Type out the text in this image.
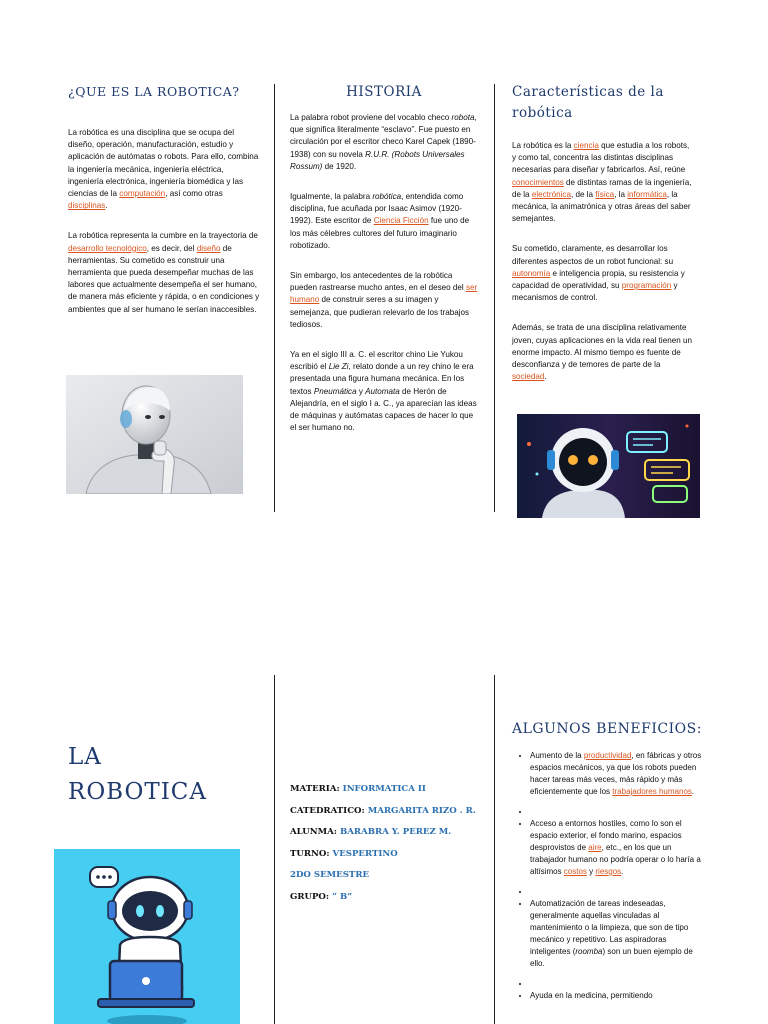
¿QUE ES LA ROBOTICA?

La robótica es una disciplina que se ocupa del diseño, operación, manufacturación, estudio y aplicación de autómatas o robots. Para ello, combina la ingeniería mecánica, ingeniería eléctrica, ingeniería electrónica, ingeniería biomédica y las ciencias de la computación, así como otras disciplinas.

La robótica representa la cumbre en la trayectoria de desarrollo tecnológico, es decir, del diseño de herramientas. Su cometido es construir una herramienta que pueda desempeñar muchas de las labores que actualmente desempeña el ser humano, de manera más eficiente y rápida, o en condiciones y ambientes que al ser humano le serían inaccesibles.

HISTORIA

La palabra robot proviene del vocablo checo robota, que significa literalmente “esclavo”. Fue puesto en circulación por el escritor checo Karel Capek (1890-1938) con su novela R.U.R. (Robots Universales Rossum) de 1920.

Igualmente, la palabra robótica, entendida como disciplina, fue acuñada por Isaac Asimov (1920-1992). Este escritor de Ciencia Ficción fue uno de los más célebres cultores del futuro imaginario robotizado.

Sin embargo, los antecedentes de la robótica pueden rastrearse mucho antes, en el deseo del ser humano de construir seres a su imagen y semejanza, que pudieran relevarlo de los trabajos tediosos.

Ya en el siglo III a. C. el escritor chino Lie Yukou escribió el Lie Zi, relato donde a un rey chino le era presentada una figura humana mecánica. En los textos Pneumática y Automata de Herón de Alejandría, en el siglo I a. C., ya aparecían las ideas de máquinas y autómatas capaces de hacer lo que el ser humano no.

Características de la robótica

La robótica es la ciencia que estudia a los robots, y como tal, concentra las distintas disciplinas necesarias para diseñar y fabricarlos. Así, reúne conocimientos de distintas ramas de la ingeniería, de la electrónica, de la física, la informática, la mecánica, la animatrónica y otras áreas del saber semejantes.

Su cometido, claramente, es desarrollar los diferentes aspectos de un robot funcional: su autonomía e inteligencia propia, su resistencia y capacidad de operatividad, su programación y mecanismos de control.

Además, se trata de una disciplina relativamente joven, cuyas aplicaciones en la vida real tienen un enorme impacto. Al mismo tiempo es fuente de desconfianza y de temores de parte de la sociedad.

LA

ROBOTICA	MATERIA: INFORMATICA II

CATEDRATICO: MARGARITA RIZO . R.

ALUNMA: BARABRA Y. PEREZ M.

TURNO: VESPERTINO

2DO SEMESTRE

GRUPO: “ B”

ALGUNOS BENEFICIOS:
• Aumento de la productividad, en fábricas y otros espacios mecánicos, ya que los robots pueden hacer tareas más veces, más rápido y más eficientemente que los trabajadores humanos.
•
• Acceso a entornos hostiles, como lo son el espacio exterior, el fondo marino, espacios desprovistos de aire, etc., en los que un trabajador humano no podría operar o lo haría a altísimos costos y riesgos.
•
• Automatización de tareas indeseadas, generalmente aquellas vinculadas al mantenimiento o la limpieza, que son de tipo mecánico y repetitivo. Las aspiradoras inteligentes (roomba) son un buen ejemplo de ello.
•
• Ayuda en la medicina, permitiendo
